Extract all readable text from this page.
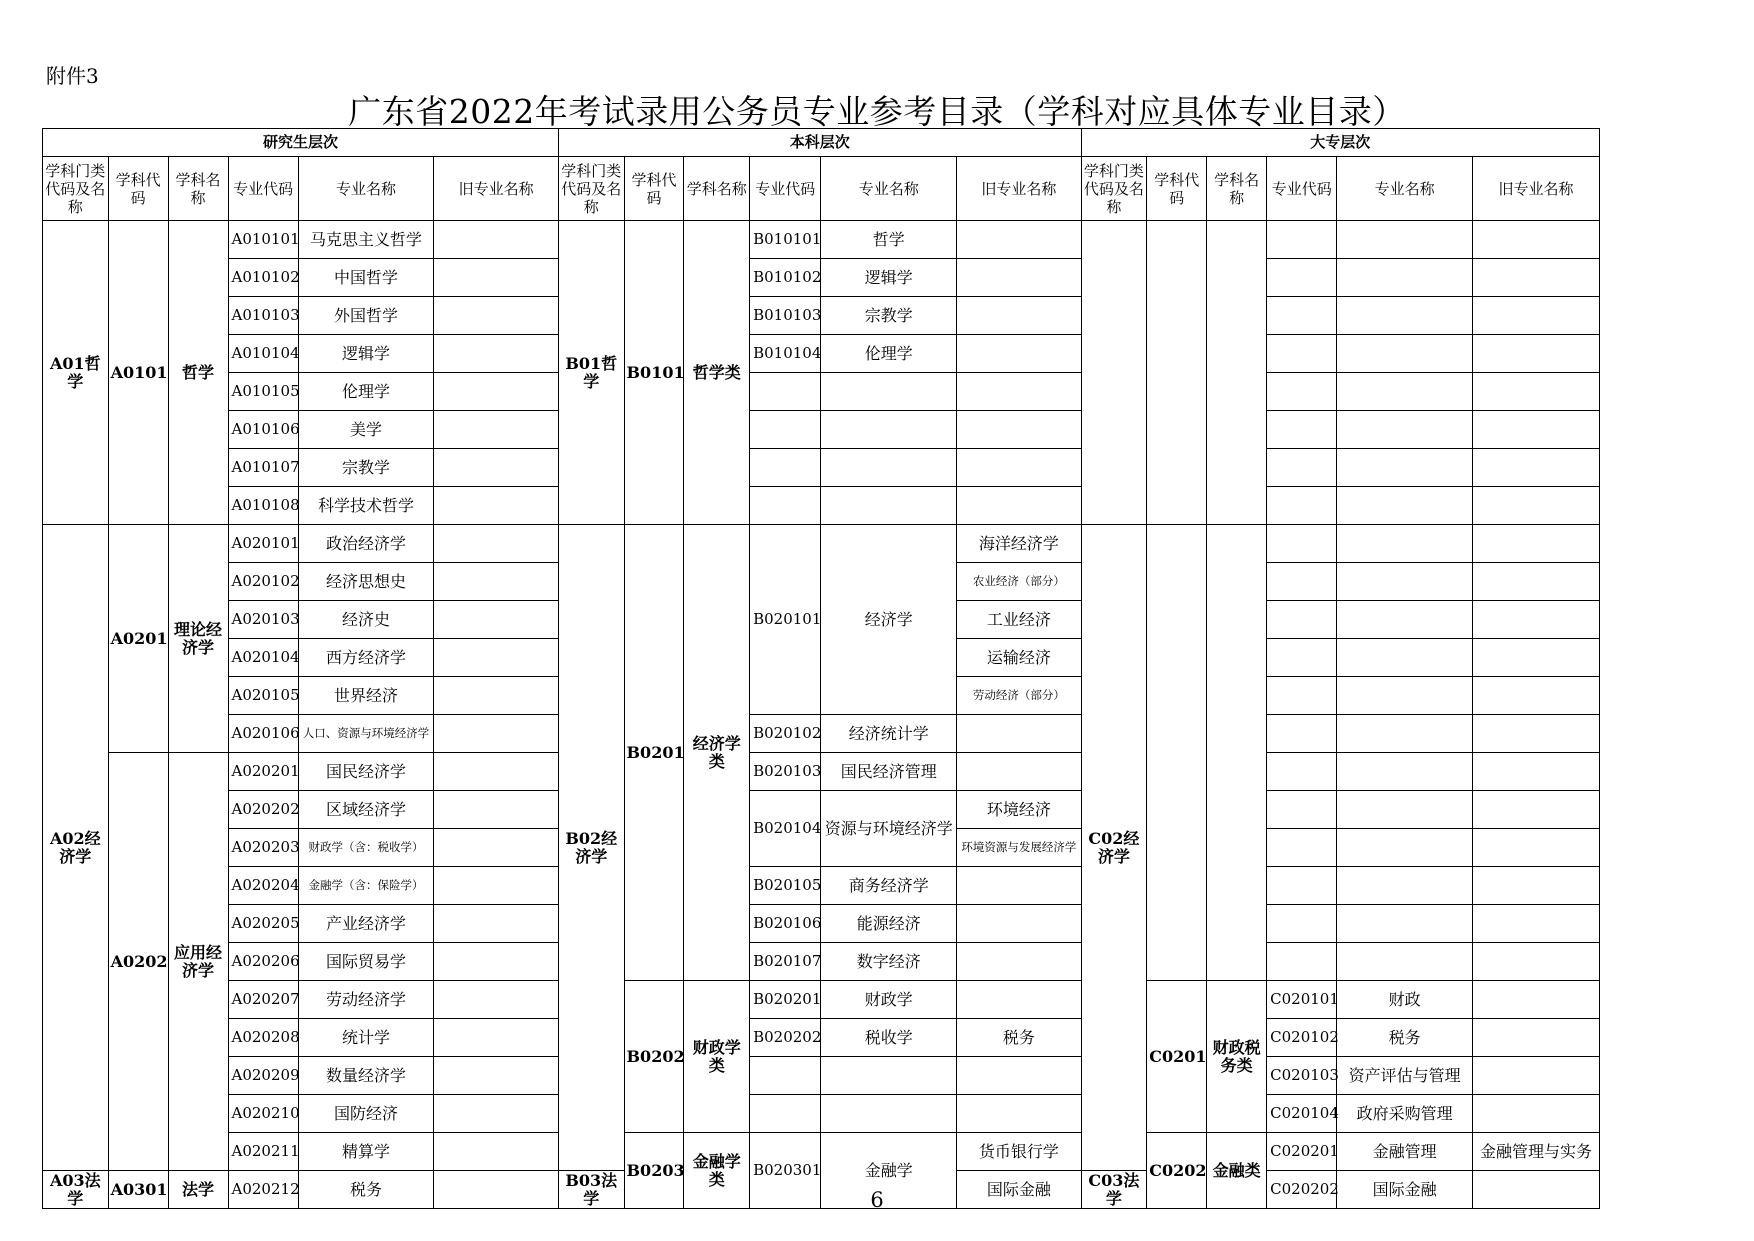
附件3
广东省2022年考试录用公务员专业参考目录（学科对应具体专业目录）
研究生层次						本科层次						大专层次					
学科门类代码及名称	学科代码	学科名称	专业代码	专业名称	旧专业名称	学科门类代码及名称	学科代码	学科名称	专业代码	专业名称	旧专业名称	学科门类代码及名称	学科代码	学科名称	专业代码	专业名称	旧专业名称
A01哲学	A0101	哲学	A010101	马克思主义哲学		B01哲学	B0101	哲学类	B010101	哲学							
			A010102	中国哲学					B010102	逻辑学							
			A010103	外国哲学					B010103	宗教学							
			A010104	逻辑学					B010104	伦理学							
			A010105	伦理学													
			A010106	美学													
			A010107	宗教学													
			A010108	科学技术哲学													
A02经济学	A0201	理论经济学	A020101	政治经济学		B02经济学	B0201	经济学类	B020101	经济学	海洋经济学	C02经济学					
			A020102	经济思想史							农业经济（部分）						
			A020103	经济史							工业经济						
			A020104	西方经济学							运输经济						
			A020105	世界经济							劳动经济（部分）						
			A020106	人口、资源与环境经济学					B020102	经济统计学							
	A0202	应用经济学	A020201	国民经济学					B020103	国民经济管理							
			A020202	区域经济学					B020104	资源与环境经济学	环境经济						
			A020203	财政学（含：税收学）							环境资源与发展经济学						
			A020204	金融学（含：保险学）					B020105	商务经济学							
			A020205	产业经济学					B020106	能源经济							
			A020206	国际贸易学					B020107	数字经济							
			A020207	劳动经济学			B0202	财政学类	B020201	财政学			C0201	财政税务类	C020101	财政	
			A020208	统计学					B020202	税收学	税务				C020102	税务	
			A020209	数量经济学											C020103	资产评估与管理	
			A020210	国防经济											C020104	政府采购管理	
			A020211	精算学			B0203	金融学类	B020301	金融学	货币银行学		C0202	金融类	C020201	金融管理	金融管理与实务
A03法学	A0301	法学	A020212	税务		B03法学					国际金融	C03法学			C020202	国际金融	
6
